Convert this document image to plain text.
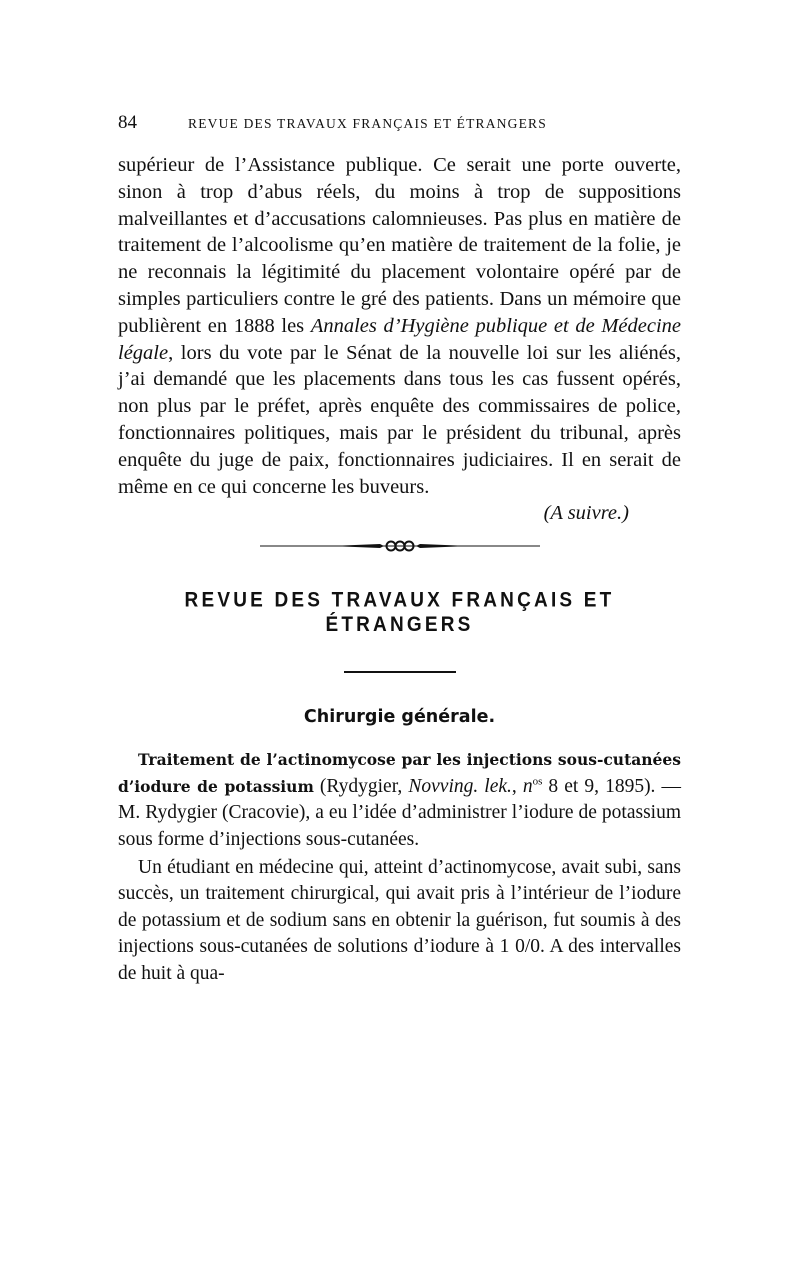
84	REVUE DES TRAVAUX FRANÇAIS ET ÉTRANGERS

supérieur de l’Assistance publique. Ce serait une porte ouverte, sinon à trop d’abus réels, du moins à trop de suppositions malveillantes et d’accusations calomnieuses. Pas plus en matière de traitement de l’alcoolisme qu’en matière de traitement de la folie, je ne reconnais la légitimité du placement volontaire opéré par de simples particuliers contre le gré des patients. Dans un mémoire que publièrent en 1888 les Annales d’Hygiène publique et de Médecine légale, lors du vote par le Sénat de la nouvelle loi sur les aliénés, j’ai demandé que les placements dans tous les cas fussent opérés, non plus par le préfet, après enquête des commissaires de police, fonctionnaires politiques, mais par le président du tribunal, après enquête du juge de paix, fonctionnaires judiciaires. Il en serait de même en ce qui concerne les buveurs.

(A suivre.)
REVUE DES TRAVAUX FRANÇAIS ET ÉTRANGERS
Chirurgie générale.

Traitement de l’actinomycose par les injections sous-cutanées d’iodure de potassium (Rydygier, Novving. lek., $n^{os}$ 8 et 9, 1895). — M. Rydygier (Cracovie), a eu l’idée d’administrer l’iodure de potassium sous forme d’injections sous-cutanées.

Un étudiant en médecine qui, atteint d’actinomycose, avait subi, sans succès, un traitement chirurgical, qui avait pris à l’intérieur de l’iodure de potassium et de sodium sans en obtenir la guérison, fut soumis à des injections sous-cutanées de solutions d’iodure à 1 0/0. A des intervalles de huit à qua-
